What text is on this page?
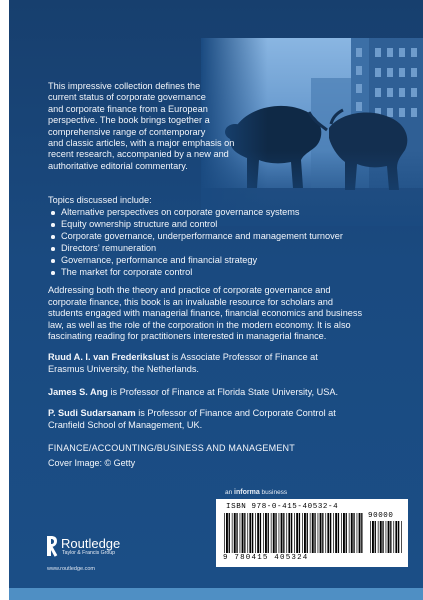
This impressive collection defines the
current status of corporate governance
and corporate finance from a European
perspective. The book brings together a
comprehensive range of contemporary
and classic articles, with a major emphasis on
recent research, accompanied by a new and
authoritative editorial commentary.
Topics discussed include:
Alternative perspectives on corporate governance systems
Equity ownership structure and control
Corporate governance, underperformance and management turnover
Directors’ remuneration
Governance, performance and financial strategy
The market for corporate control
Addressing both the theory and practice of corporate governance and
corporate finance, this book is an invaluable resource for scholars and
students engaged with managerial finance, financial economics and business
law, as well as the role of the corporation in the modern economy. It is also
fascinating reading for practitioners interested in managerial finance.
Ruud A. I. van Frederikslust is Associate Professor of Finance at
Erasmus University, the Netherlands.
James S. Ang is Professor of Finance at Florida State University, USA.
P. Sudi Sudarsanam is Professor of Finance and Corporate Control at
Cranfield School of Management, UK.
FINANCE/ACCOUNTING/BUSINESS AND MANAGEMENT
Cover Image: © Getty
an informa business
Routledge
Taylor & Francis Group
www.routledge.com
ISBN 978-0-415-40532-4
90000
9 780415 405324
